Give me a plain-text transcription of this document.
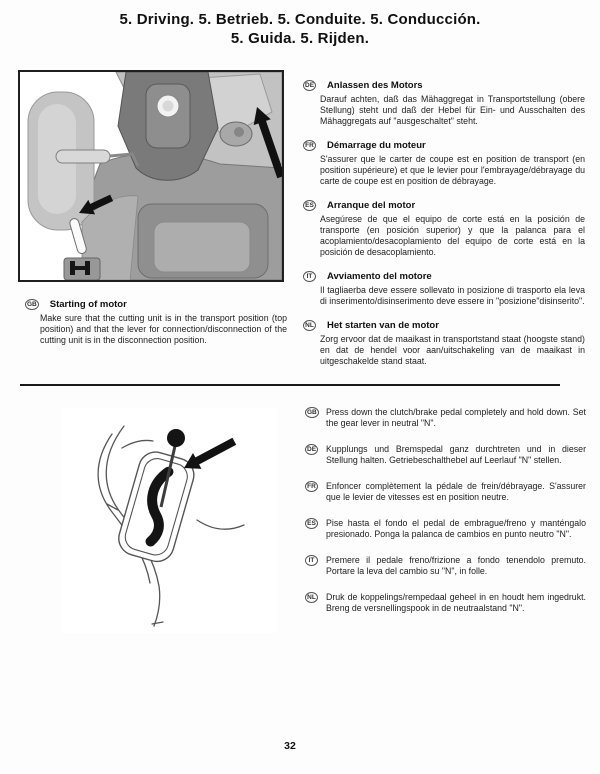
5. Driving. 5. Betrieb. 5. Conduite. 5. Conducción.
5. Guida. 5. Rijden.
DE Anlassen des Motors
Darauf achten, daß das Mähaggregat in Transportstellung (obere Stellung) steht und daß der Hebel für Ein- und Ausschalten des Mähaggregats auf "ausgeschaltet" steht.
FR Démarrage du moteur
S'assurer que le carter de coupe est en position de transport (en position supérieure) et que le levier pour l'embrayage/débrayage du carte de coupe est en position de débrayage.
ES Arranque del motor
Asegúrese de que el equipo de corte está en la posición de transporte (en posición superior) y que la palanca para el acoplamiento/desacoplamiento del equipo de corte está en la posición de desacoplamiento.
IT	Avviamento del motore
Il tagliaerba deve essere sollevato in posizione di trasporto ela leva di inserimento/disinserimento deve essere in "posizione"disinserito".
NL Het starten van de motor
Zorg ervoor dat de maaikast in transportstand staat (hoogste stand) en dat de hendel voor aan/uitschakeling van de maaikast in uitgeschakelde stand staat.
GB Starting of motor
Make sure that the cutting unit is in the transport position (top position) and that the lever for connection/disconnection of the cutting unit is in the disconnection position.
GB Press down the clutch/brake pedal completely and hold down. Set the gear lever in neutral "N".
DE Kupplungs und Bremspedal ganz durchtreten und in dieser Stellung halten. Getriebeschalthebel auf Leerlauf "N" stellen.
FR Enfoncer complètement la pédale de frein/débrayage. S'assurer que le levier de vitesses est en position neutre.
ES Pise hasta el fondo el pedal de embrague/freno y manténgalo presionado. Ponga la palanca de cambios en punto neutro "N".
IT	Premere il pedale freno/frizione a fondo tenendolo premuto. Portare la leva del cambio su "N", in folle.
NL Druk de koppelings/rempedaal geheel in en houdt hem ingedrukt. Breng de versnellingspook in de neutraalstand "N".
32
